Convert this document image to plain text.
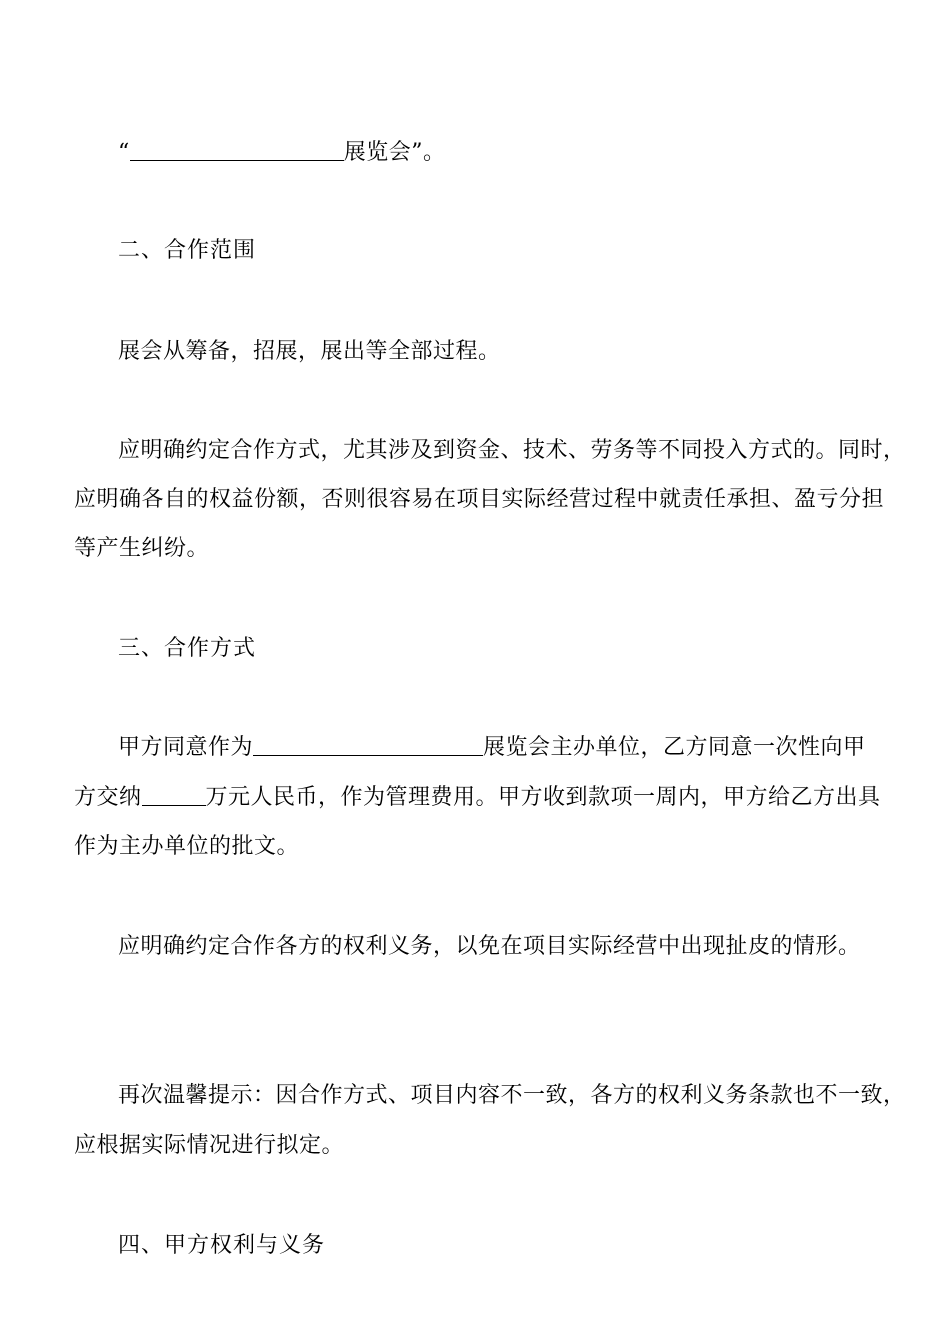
“	展览会”。
二、合作范围
展会从筹备，招展，展出等全部过程。
应明确约定合作方式，尤其涉及到资金、技术、劳务等不同投入方式的。同时，
应明确各自的权益份额，否则很容易在项目实际经营过程中就责任承担、盈亏分担
等产生纠纷。
三、合作方式
甲方同意作为	展览会主办单位，乙方同意一次性向甲
方交纳	万元人民币，作为管理费用。甲方收到款项一周内，甲方给乙方出具
作为主办单位的批文。
应明确约定合作各方的权利义务，以免在项目实际经营中出现扯皮的情形。
再次温馨提示：因合作方式、项目内容不一致，各方的权利义务条款也不一致，
应根据实际情况进行拟定。
四、甲方权利与义务
